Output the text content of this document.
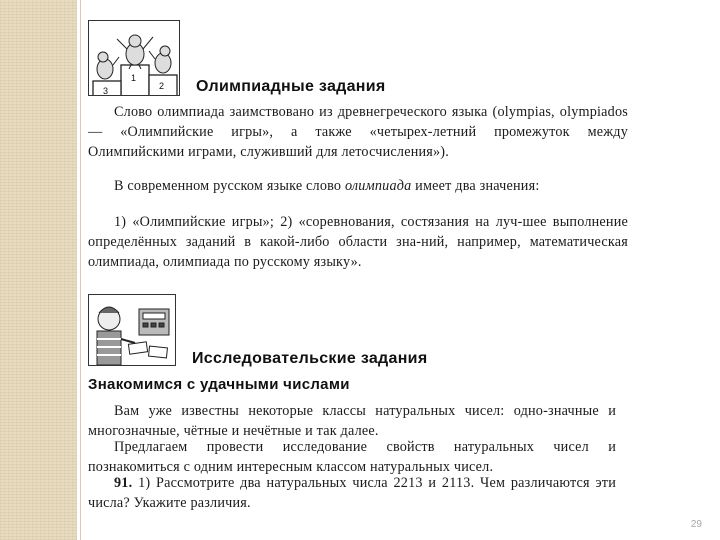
1
2
3	Олимпиадные задания

Слово олимпиада заимствовано из древнегреческого языка (olympias, olympiados — «Олимпийские игры», а также «четырех-летний промежуток между Олимпийскими играми, служивший для летосчисления»).

В современном русском языке слово олимпиада имеет два значения:

1) «Олимпийские игры»; 2) «соревнования, состязания на луч-шее выполнение определённых заданий в какой-либо области зна-ний, например, математическая олимпиада, олимпиада по русскому языку».

Исследовательские задания
Знакомимся с удачными числами

Вам уже известны некоторые классы натуральных чисел: одно-значные и многозначные, чётные и нечётные и так далее.

Предлагаем провести исследование свойств натуральных чисел и познакомиться с одним интересным классом натуральных чисел.

91. 1) Рассмотрите два натуральных числа 2213 и 2113. Чем различаются эти числа? Укажите различия.

29
